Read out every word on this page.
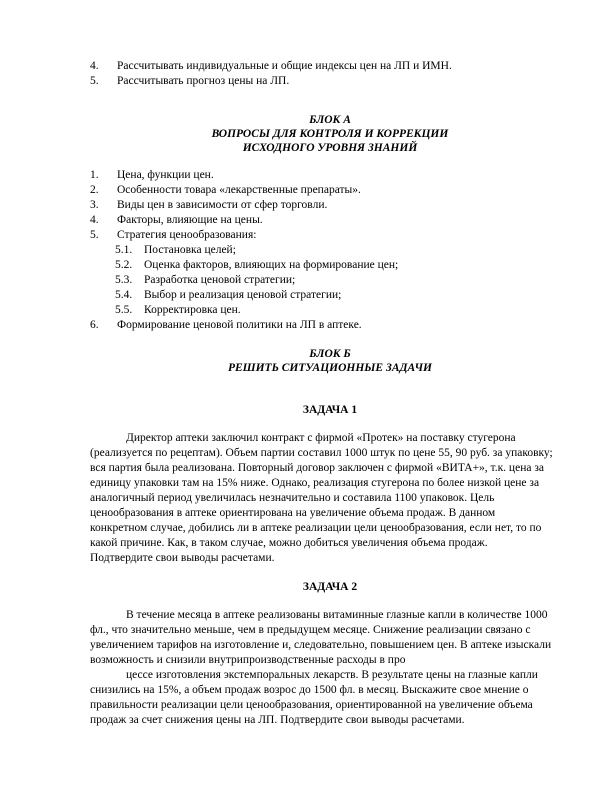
4. Рассчитывать индивидуальные и общие индексы цен на ЛП и ИМН.
5. Рассчитывать прогноз цены на ЛП.
БЛОК А
ВОПРОСЫ ДЛЯ КОНТРОЛЯ И КОРРЕКЦИИ
ИСХОДНОГО УРОВНЯ ЗНАНИЙ
1. Цена, функции цен.
2. Особенности товара «лекарственные препараты».
3. Виды цен в зависимости от сфер торговли.
4. Факторы, влияющие на цены.
5. Стратегия ценообразования:
5.1. Постановка целей;
5.2. Оценка факторов, влияющих на формирование цен;
5.3. Разработка ценовой стратегии;
5.4. Выбор и реализация ценовой стратегии;
5.5. Корректировка цен.
6. Формирование ценовой политики на ЛП в аптеке.
БЛОК Б
РЕШИТЬ СИТУАЦИОННЫЕ ЗАДАЧИ
ЗАДАЧА 1

Директор аптеки заключил контракт с фирмой «Протек» на поставку стугерона

(реализуется по рецептам). Объем партии составил 1000 штук по цене 55, 90 руб. за упаковку;

вся партия была реализована. Повторный договор заключен с фирмой «ВИТА+», т.к. цена за

единицу упаковки там на 15% ниже. Однако, реализация стугерона по более низкой цене за

аналогичный период увеличилась незначительно и составила 1100 упаковок. Цель

ценообразования в аптеке ориентирована на увеличение объема продаж. В данном

конкретном случае, добились ли в аптеке реализации цели ценообразования, если нет, то по

какой причине. Как, в таком случае, можно добиться увеличения объема продаж.

Подтвердите свои выводы расчетами.

ЗАДАЧА 2

В течение месяца в аптеке реализованы витаминные глазные капли в количестве 1000

фл., что значительно меньше, чем в предыдущем месяце. Снижение реализации связано с

увеличением тарифов на изготовление и, следовательно, повышением цен. В аптеке изыскали

возможность и снизили внутрипроизводственные расходы в про

цессе изготовления экстемпоральных лекарств. В результате цены на глазные капли

снизились на 15%, а объем продаж возрос до 1500 фл. в месяц. Выскажите свое мнение о

правильности реализации цели ценообразования, ориентированной на увеличение объема

продаж за счет снижения цены на ЛП. Подтвердите свои выводы расчетами.
